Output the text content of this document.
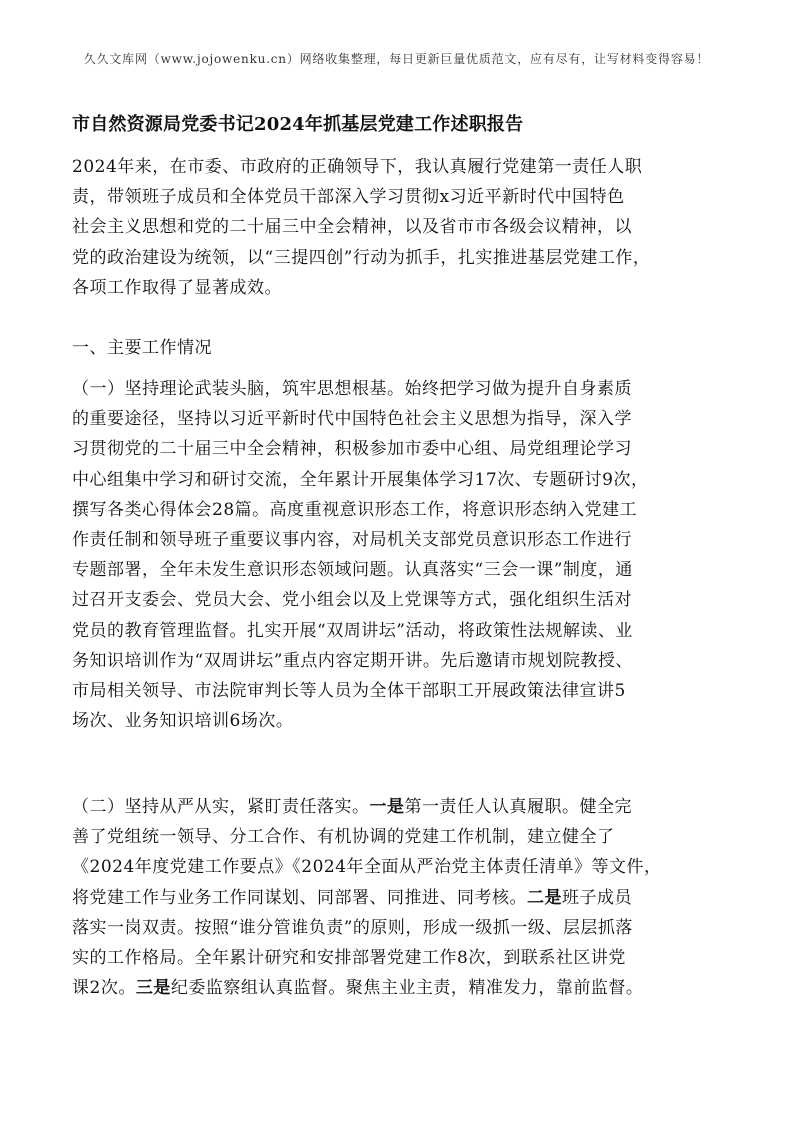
久久文库网（www.jojowenku.cn）网络收集整理，每日更新巨量优质范文，应有尽有，让写材料变得容易！
市自然资源局党委书记2024年抓基层党建工作述职报告

2024年来，在市委、市政府的正确领导下，我认真履行党建第一责任人职
责，带领班子成员和全体党员干部深入学习贯彻x习近平新时代中国特色
社会主义思想和党的二十届三中全会精神，以及省市市各级会议精神，以
党的政治建设为统领，以“三提四创”行动为抓手，扎实推进基层党建工作，
各项工作取得了显著成效。

一、主要工作情况

（一）坚持理论武装头脑，筑牢思想根基。始终把学习做为提升自身素质
的重要途径，坚持以习近平新时代中国特色社会主义思想为指导，深入学
习贯彻党的二十届三中全会精神，积极参加市委中心组、局党组理论学习
中心组集中学习和研讨交流，全年累计开展集体学习17次、专题研讨9次，
撰写各类心得体会28篇。高度重视意识形态工作，将意识形态纳入党建工
作责任制和领导班子重要议事内容，对局机关支部党员意识形态工作进行
专题部署，全年未发生意识形态领域问题。认真落实“三会一课”制度，通
过召开支委会、党员大会、党小组会以及上党课等方式，强化组织生活对
党员的教育管理监督。扎实开展“双周讲坛”活动，将政策性法规解读、业
务知识培训作为“双周讲坛”重点内容定期开讲。先后邀请市规划院教授、
市局相关领导、市法院审判长等人员为全体干部职工开展政策法律宣讲5
场次、业务知识培训6场次。

（二）坚持从严从实，紧盯责任落实。一是第一责任人认真履职。健全完
善了党组统一领导、分工合作、有机协调的党建工作机制，建立健全了
《2024年度党建工作要点》《2024年全面从严治党主体责任清单》等文件，
将党建工作与业务工作同谋划、同部署、同推进、同考核。二是班子成员
落实一岗双责。按照“谁分管谁负责”的原则，形成一级抓一级、层层抓落
实的工作格局。全年累计研究和安排部署党建工作8次，到联系社区讲党
课2次。三是纪委监察组认真监督。聚焦主业主责，精准发力，靠前监督。
